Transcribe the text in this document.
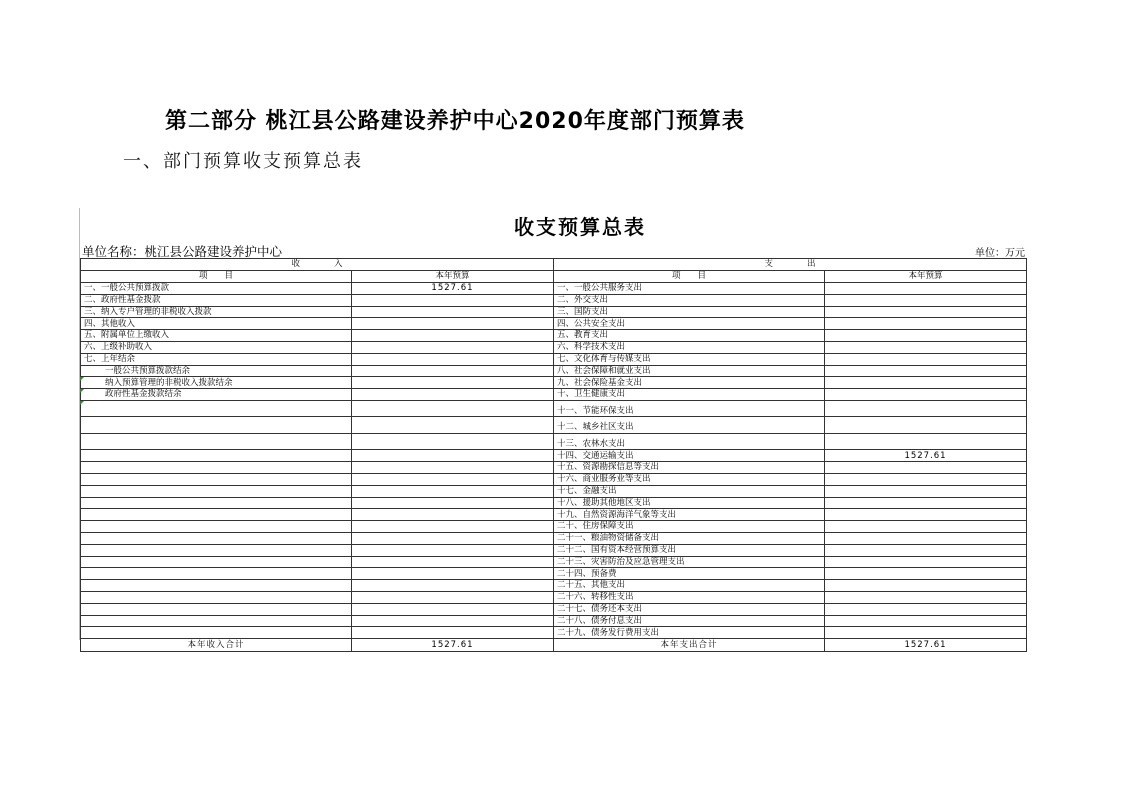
第二部分 桃江县公路建设养护中心2020年度部门预算表
一、部门预算收支预算总表
收支预算总表
单位名称：桃江县公路建设养护中心	单位：万元
收　　　　入		支　　　　出	
项　　目	本年预算	项　　目	本年预算
一、一般公共预算拨款	1527.61	一、一般公共服务支出	
二、政府性基金拨款		二、外交支出	
三、纳入专户管理的非税收入拨款		三、国防支出	
四、其他收入		四、公共安全支出	
五、附属单位上缴收入		五、教育支出	
六、上级补助收入		六、科学技术支出	
七、上年结余		七、文化体育与传媒支出	
一般公共预算拨款结余		八、社会保障和就业支出	
纳入预算管理的非税收入拨款结余		九、社会保险基金支出	
政府性基金拨款结余		十、卫生健康支出	
		十一、节能环保支出	
		十二、城乡社区支出	
		十三、农林水支出	
		十四、交通运输支出	1527.61
		十五、资源勘探信息等支出	
		十六、商业服务业等支出	
		十七、金融支出	
		十八、援助其他地区支出	
		十九、自然资源海洋气象等支出	
		二十、住房保障支出	
		二十一、粮油物资储备支出	
		二十二、国有资本经营预算支出	
		二十三、灾害防治及应急管理支出	
		二十四、预备费	
		二十五、其他支出	
		二十六、转移性支出	
		二十七、债务还本支出	
		二十八、债务付息支出	
		二十九、债务发行费用支出	
本年收入合计	1527.61	本年支出合计	1527.61
